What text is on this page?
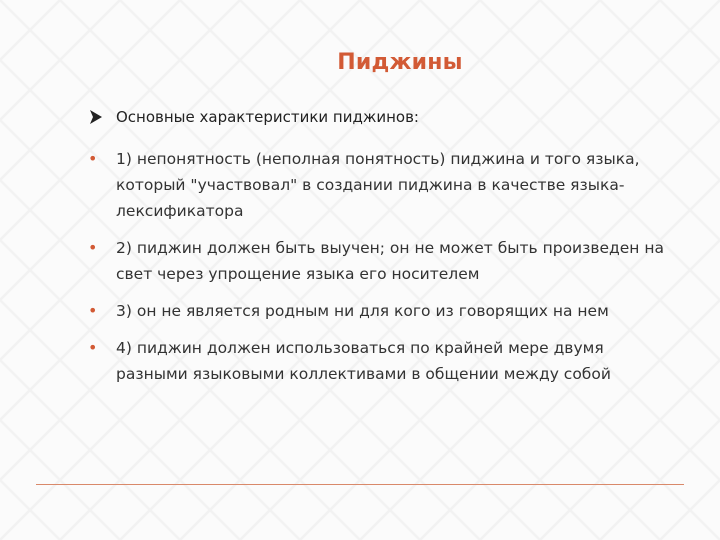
Пиджины
Основные характеристики пиджинов:
• 1) непонятность (неполная понятность) пиджина и того языка, который "участвовал" в создании пиджина в качестве языка-лексификатора
• 2) пиджин должен быть выучен; он не может быть произведен на свет через упрощение языка его носителем
• 3) он не является родным ни для кого из говорящих на нем
• 4) пиджин должен использоваться по крайней мере двумя разными языковыми коллективами в общении между собой
